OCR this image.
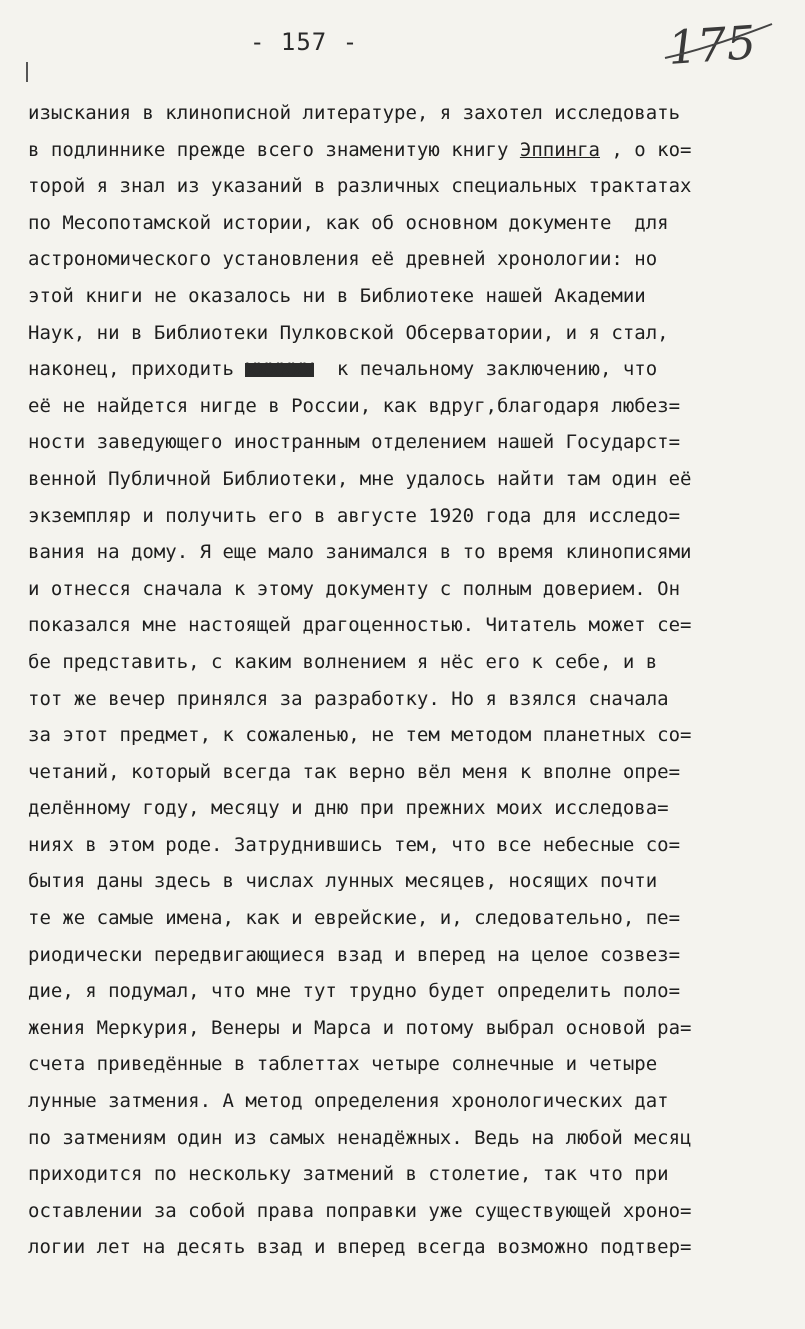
- 157 -	175
изыскания в клинописной литературе, я захотел исследовать
в подлиннике прежде всего знаменитую книгу Эппинга , о ко=
торой я знал из указаний в различных специальных трактатах
по Месопотамской истории, как об основном документе  для
астрономического установления её древней хронологии: но
этой книги не оказалось ни в Библиотеке нашей Академии
Наук, ни в Библиотеки Пулковской Обсерватории, и я стал,
наконец, приходить XXXXXX к печальному заключению, что
её не найдется нигде в России, как вдруг,благодаря любез=
ности заведующего иностранным отделением нашей Государст=
венной Публичной Библиотеки, мне удалось найти там один её
экземпляр и получить его в августе 1920 года для исследо=
вания на дому. Я еще мало занимался в то время клинописями
и отнесся сначала к этому документу с полным доверием. Он
показался мне настоящей драгоценностью. Читатель может се=
бе представить, с каким волнением я нёс его к себе, и в
тот же вечер принялся за разработку. Но я взялся сначала
за этот предмет, к сожаленью, не тем методом планетных со=
четаний, который всегда так верно вёл меня к вполне опре=
делённому году, месяцу и дню при прежних моих исследова=
ниях в этом роде. Затруднившись тем, что все небесные со=
бытия даны здесь в числах лунных месяцев, носящих почти
те же самые имена, как и еврейские, и, следовательно, пе=
риодически передвигающиеся взад и вперед на целое созвез=
дие, я подумал, что мне тут трудно будет определить поло=
жения Меркурия, Венеры и Марса и потому выбрал основой ра=
счета приведённые в таблеттах четыре солнечные и четыре
лунные затмения. А метод определения хронологических дат
по затмениям один из самых ненадёжных. Ведь на любой месяц
приходится по нескольку затмений в столетие, так что при
оставлении за собой права поправки уже существующей хроно=
логии лет на десять взад и вперед всегда возможно подтвер=
